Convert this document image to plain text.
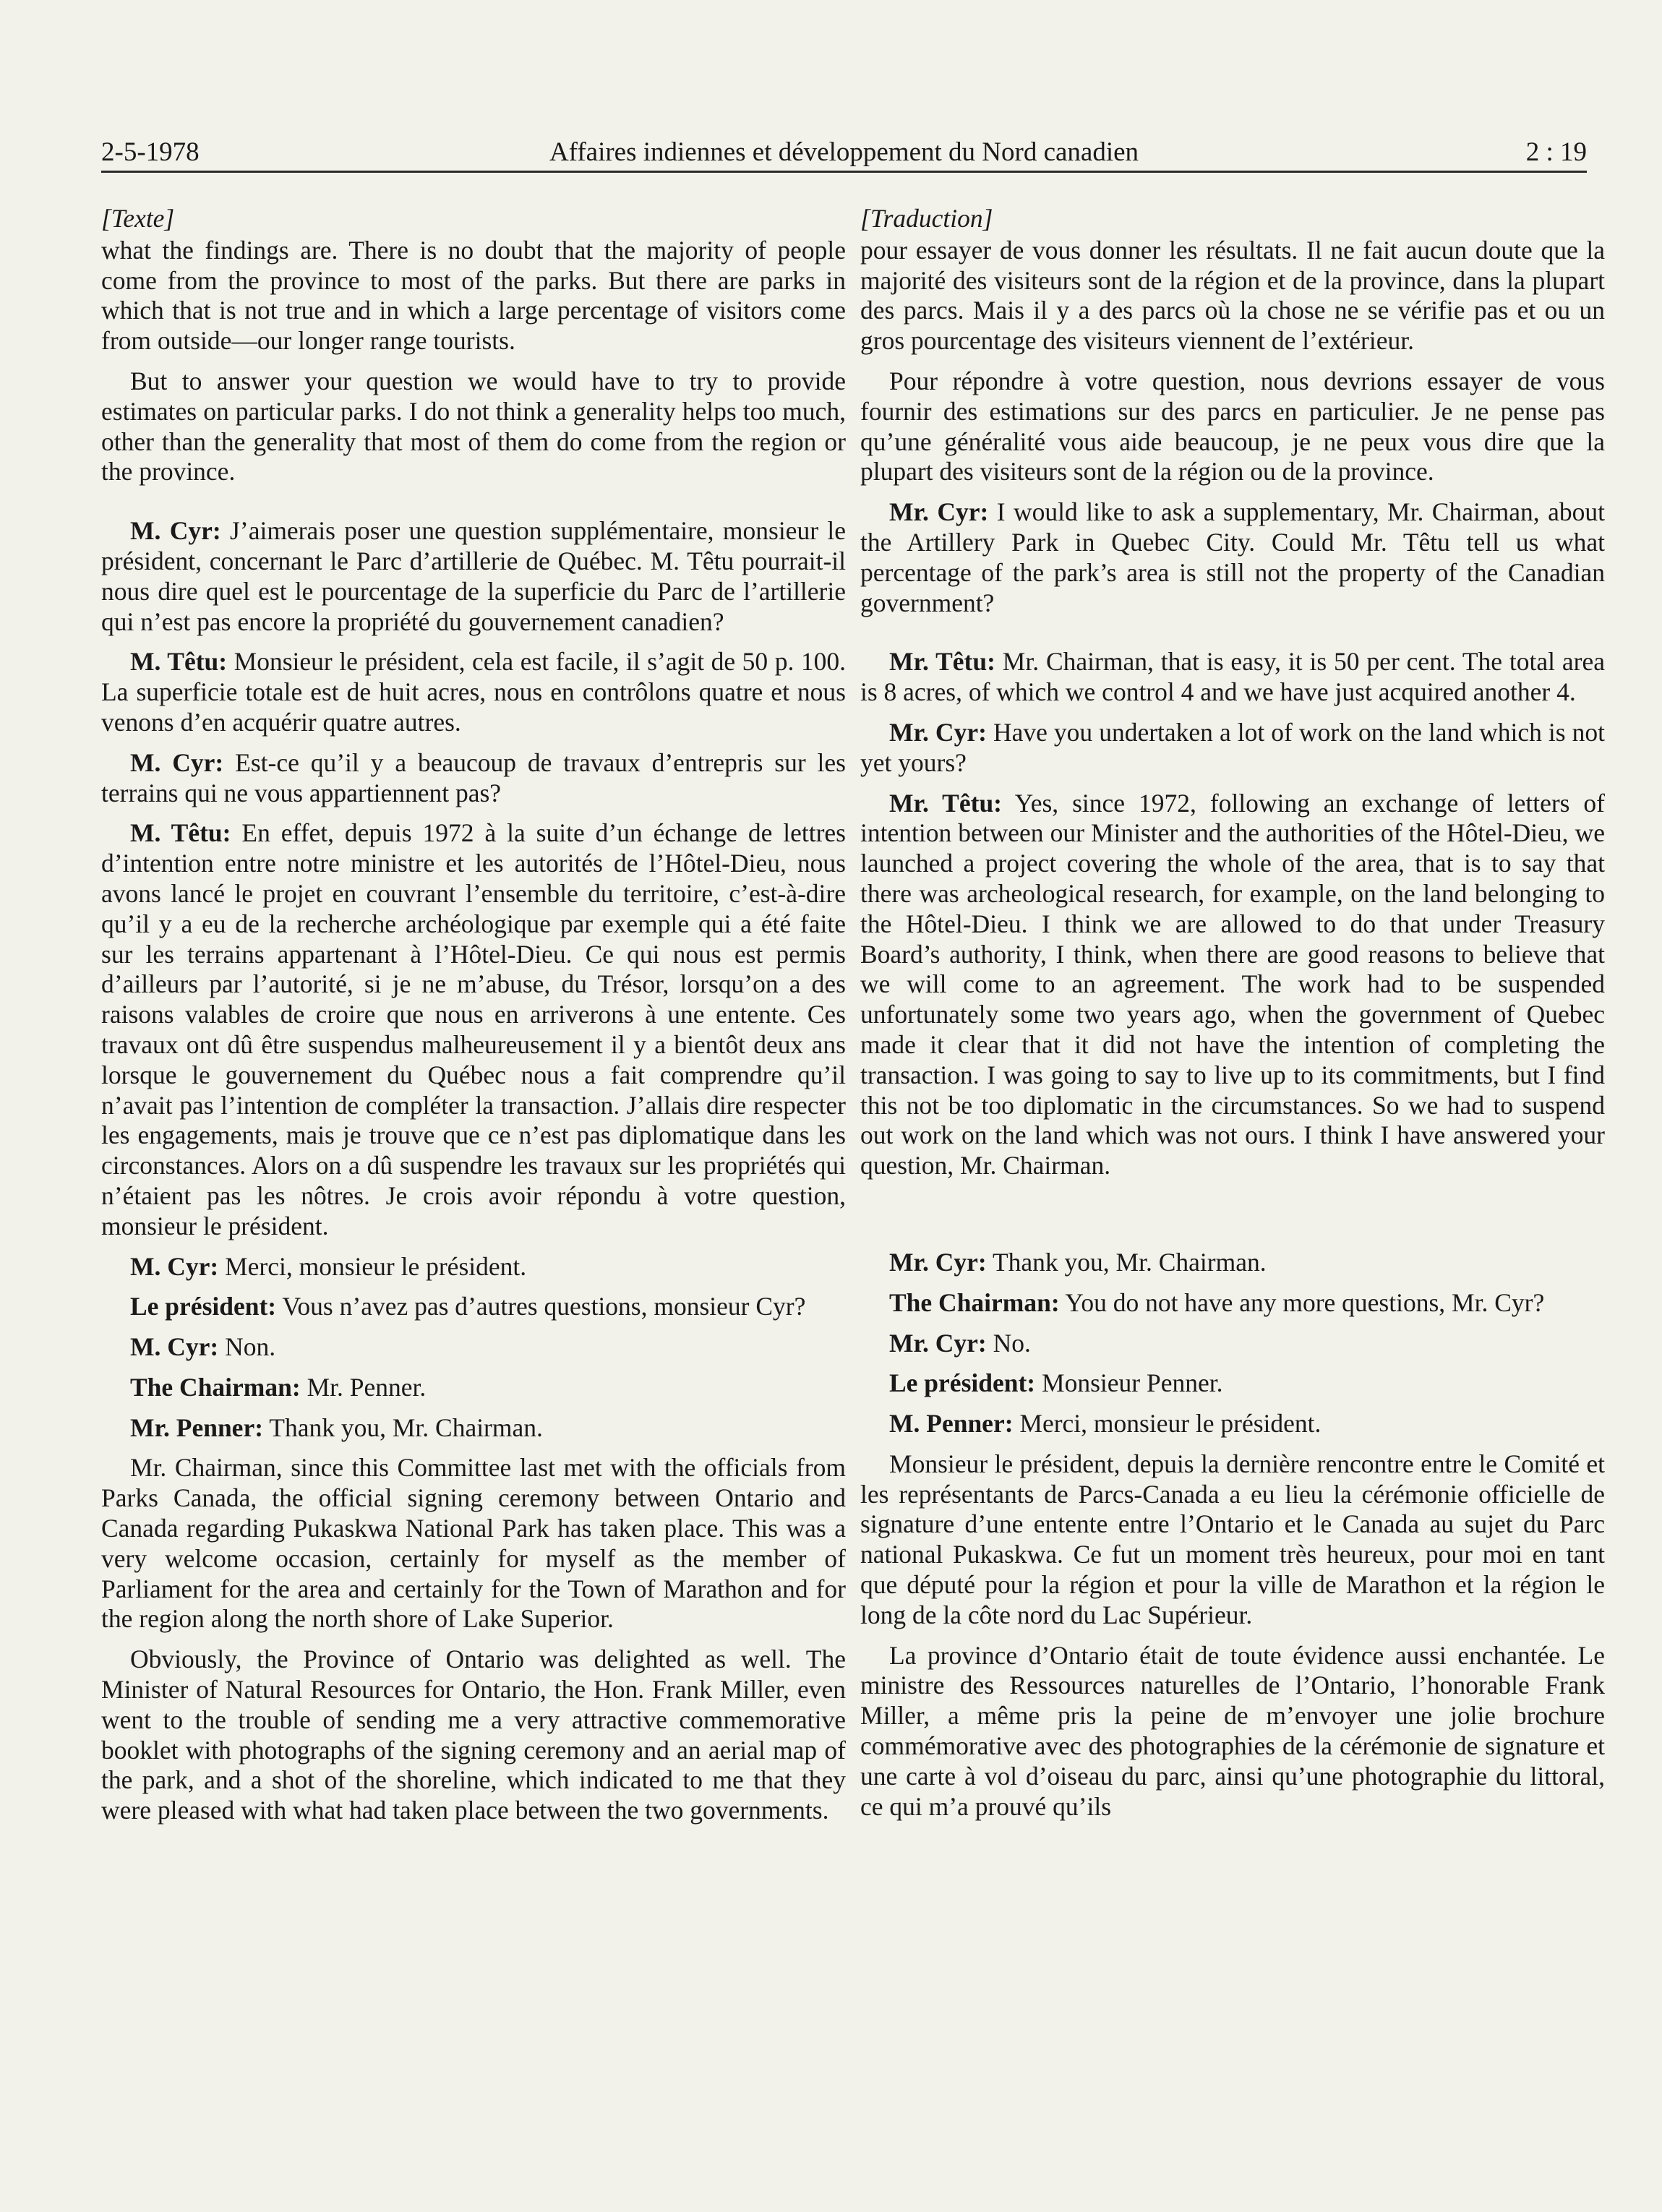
2-5-1978	Affaires indiennes et développement du Nord canadien	2 : 19
[Texte]

what the findings are. There is no doubt that the majority of people come from the province to most of the parks. But there are parks in which that is not true and in which a large percentage of visitors come from outside—our longer range tourists.

But to answer your question we would have to try to provide estimates on particular parks. I do not think a generality helps too much, other than the generality that most of them do come from the region or the province.

M. Cyr: J’aimerais poser une question supplémentaire, monsieur le président, concernant le Parc d’artillerie de Québec. M. Têtu pourrait-il nous dire quel est le pourcentage de la superficie du Parc de l’artillerie qui n’est pas encore la propriété du gouvernement canadien?

M. Têtu: Monsieur le président, cela est facile, il s’agit de 50 p. 100. La superficie totale est de huit acres, nous en contrôlons quatre et nous venons d’en acquérir quatre autres.

M. Cyr: Est-ce qu’il y a beaucoup de travaux d’entrepris sur les terrains qui ne vous appartiennent pas?

M. Têtu: En effet, depuis 1972 à la suite d’un échange de lettres d’intention entre notre ministre et les autorités de l’Hôtel-Dieu, nous avons lancé le projet en couvrant l’ensemble du territoire, c’est-à-dire qu’il y a eu de la recherche archéologique par exemple qui a été faite sur les terrains appartenant à l’Hôtel-Dieu. Ce qui nous est permis d’ailleurs par l’autorité, si je ne m’abuse, du Trésor, lorsqu’on a des raisons valables de croire que nous en arriverons à une entente. Ces travaux ont dû être suspendus malheureusement il y a bientôt deux ans lorsque le gouvernement du Québec nous a fait comprendre qu’il n’avait pas l’intention de compléter la transaction. J’allais dire respecter les engagements, mais je trouve que ce n’est pas diplomatique dans les circonstances. Alors on a dû suspendre les travaux sur les propriétés qui n’étaient pas les nôtres. Je crois avoir répondu à votre question, monsieur le président.

M. Cyr: Merci, monsieur le président.

Le président: Vous n’avez pas d’autres questions, monsieur Cyr?

M. Cyr: Non.

The Chairman: Mr. Penner.

Mr. Penner: Thank you, Mr. Chairman.

Mr. Chairman, since this Committee last met with the officials from Parks Canada, the official signing ceremony between Ontario and Canada regarding Pukaskwa National Park has taken place. This was a very welcome occasion, certainly for myself as the member of Parliament for the area and certainly for the Town of Marathon and for the region along the north shore of Lake Superior.

Obviously, the Province of Ontario was delighted as well. The Minister of Natural Resources for Ontario, the Hon. Frank Miller, even went to the trouble of sending me a very attractive commemorative booklet with photographs of the signing ceremony and an aerial map of the park, and a shot of the shoreline, which indicated to me that they were pleased with what had taken place between the two governments.

[Traduction]

pour essayer de vous donner les résultats. Il ne fait aucun doute que la majorité des visiteurs sont de la région et de la province, dans la plupart des parcs. Mais il y a des parcs où la chose ne se vérifie pas et ou un gros pourcentage des visiteurs viennent de l’extérieur.

Pour répondre à votre question, nous devrions essayer de vous fournir des estimations sur des parcs en particulier. Je ne pense pas qu’une généralité vous aide beaucoup, je ne peux vous dire que la plupart des visiteurs sont de la région ou de la province.

Mr. Cyr: I would like to ask a supplementary, Mr. Chairman, about the Artillery Park in Quebec City. Could Mr. Têtu tell us what percentage of the park’s area is still not the property of the Canadian government?

Mr. Têtu: Mr. Chairman, that is easy, it is 50 per cent. The total area is 8 acres, of which we control 4 and we have just acquired another 4.

Mr. Cyr: Have you undertaken a lot of work on the land which is not yet yours?

Mr. Têtu: Yes, since 1972, following an exchange of letters of intention between our Minister and the authorities of the Hôtel-Dieu, we launched a project covering the whole of the area, that is to say that there was archeological research, for example, on the land belonging to the Hôtel-Dieu. I think we are allowed to do that under Treasury Board’s authority, I think, when there are good reasons to believe that we will come to an agreement. The work had to be suspended unfortunately some two years ago, when the government of Quebec made it clear that it did not have the intention of completing the transaction. I was going to say to live up to its commitments, but I find this not be too diplomatic in the circumstances. So we had to suspend out work on the land which was not ours. I think I have answered your question, Mr. Chairman.

Mr. Cyr: Thank you, Mr. Chairman.

The Chairman: You do not have any more questions, Mr. Cyr?

Mr. Cyr: No.

Le président: Monsieur Penner.

M. Penner: Merci, monsieur le président.

Monsieur le président, depuis la dernière rencontre entre le Comité et les représentants de Parcs-Canada a eu lieu la cérémonie officielle de signature d’une entente entre l’Ontario et le Canada au sujet du Parc national Pukaskwa. Ce fut un moment très heureux, pour moi en tant que député pour la région et pour la ville de Marathon et la région le long de la côte nord du Lac Supérieur.

La province d’Ontario était de toute évidence aussi enchantée. Le ministre des Ressources naturelles de l’Ontario, l’honorable Frank Miller, a même pris la peine de m’envoyer une jolie brochure commémorative avec des photographies de la cérémonie de signature et une carte à vol d’oiseau du parc, ainsi qu’une photographie du littoral, ce qui m’a prouvé qu’ils
